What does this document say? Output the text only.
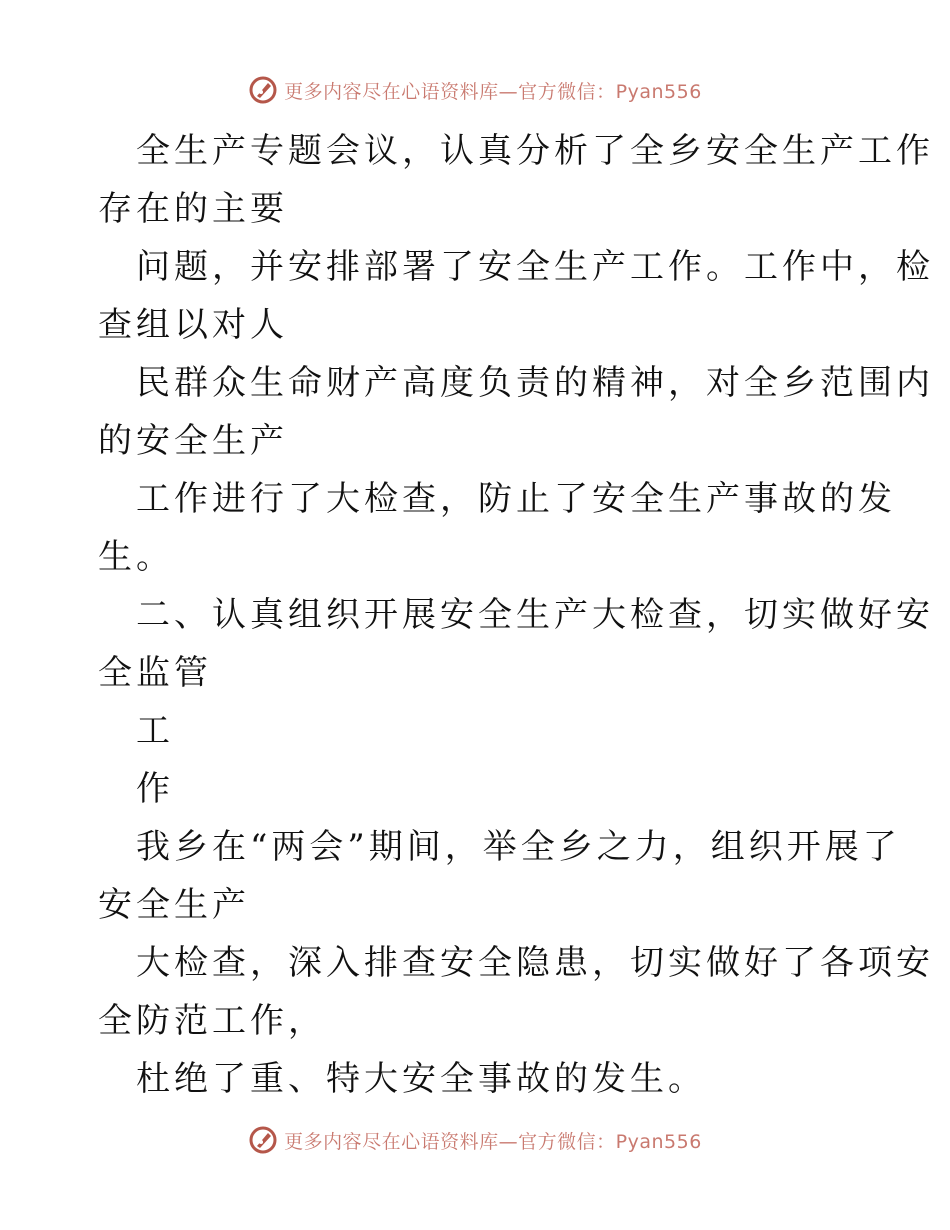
更多内容尽在心语资料库—官方微信：Pyan556
全生产专题会议，认真分析了全乡安全生产工作
存在的主要
问题，并安排部署了安全生产工作。工作中，检
查组以对人
民群众生命财产高度负责的精神，对全乡范围内
的安全生产
工作进行了大检查，防止了安全生产事故的发
生。
二、认真组织开展安全生产大检查，切实做好安
全监管
工
作
我乡在“两会”期间，举全乡之力，组织开展了
安全生产
大检查，深入排查安全隐患，切实做好了各项安
全防范工作，
杜绝了重、特大安全事故的发生。
更多内容尽在心语资料库—官方微信：Pyan556
